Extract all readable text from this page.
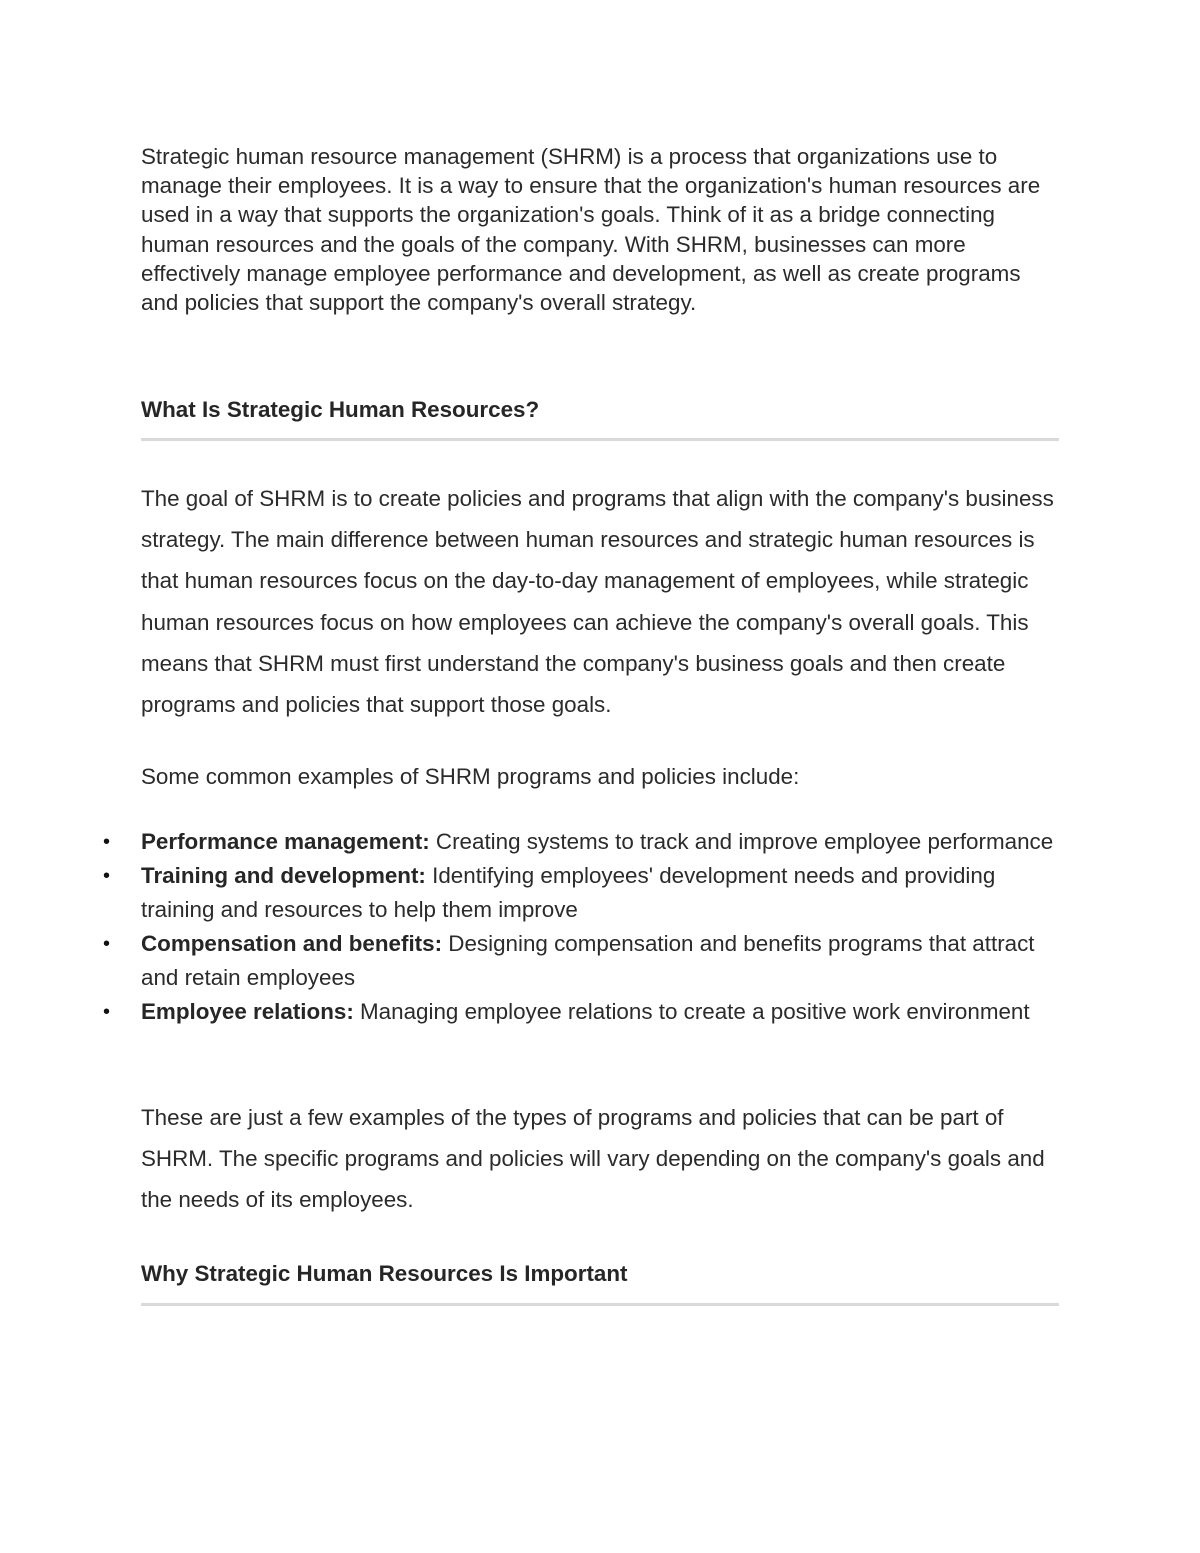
Strategic human resource management (SHRM) is a process that organizations use to manage their employees. It is a way to ensure that the organization's human resources are used in a way that supports the organization's goals. Think of it as a bridge connecting human resources and the goals of the company. With SHRM, businesses can more effectively manage employee performance and development, as well as create programs and policies that support the company's overall strategy.

What Is Strategic Human Resources?

The goal of SHRM is to create policies and programs that align with the company's business strategy. The main difference between human resources and strategic human resources is that human resources focus on the day-to-day management of employees, while strategic human resources focus on how employees can achieve the company's overall goals. This means that SHRM must first understand the company's business goals and then create programs and policies that support those goals.

Some common examples of SHRM programs and policies include:

• Performance management: Creating systems to track and improve employee performance
• Training and development: Identifying employees' development needs and providing training and resources to help them improve
• Compensation and benefits: Designing compensation and benefits programs that attract and retain employees
• Employee relations: Managing employee relations to create a positive work environment

These are just a few examples of the types of programs and policies that can be part of SHRM. The specific programs and policies will vary depending on the company's goals and the needs of its employees.

Why Strategic Human Resources Is Important
